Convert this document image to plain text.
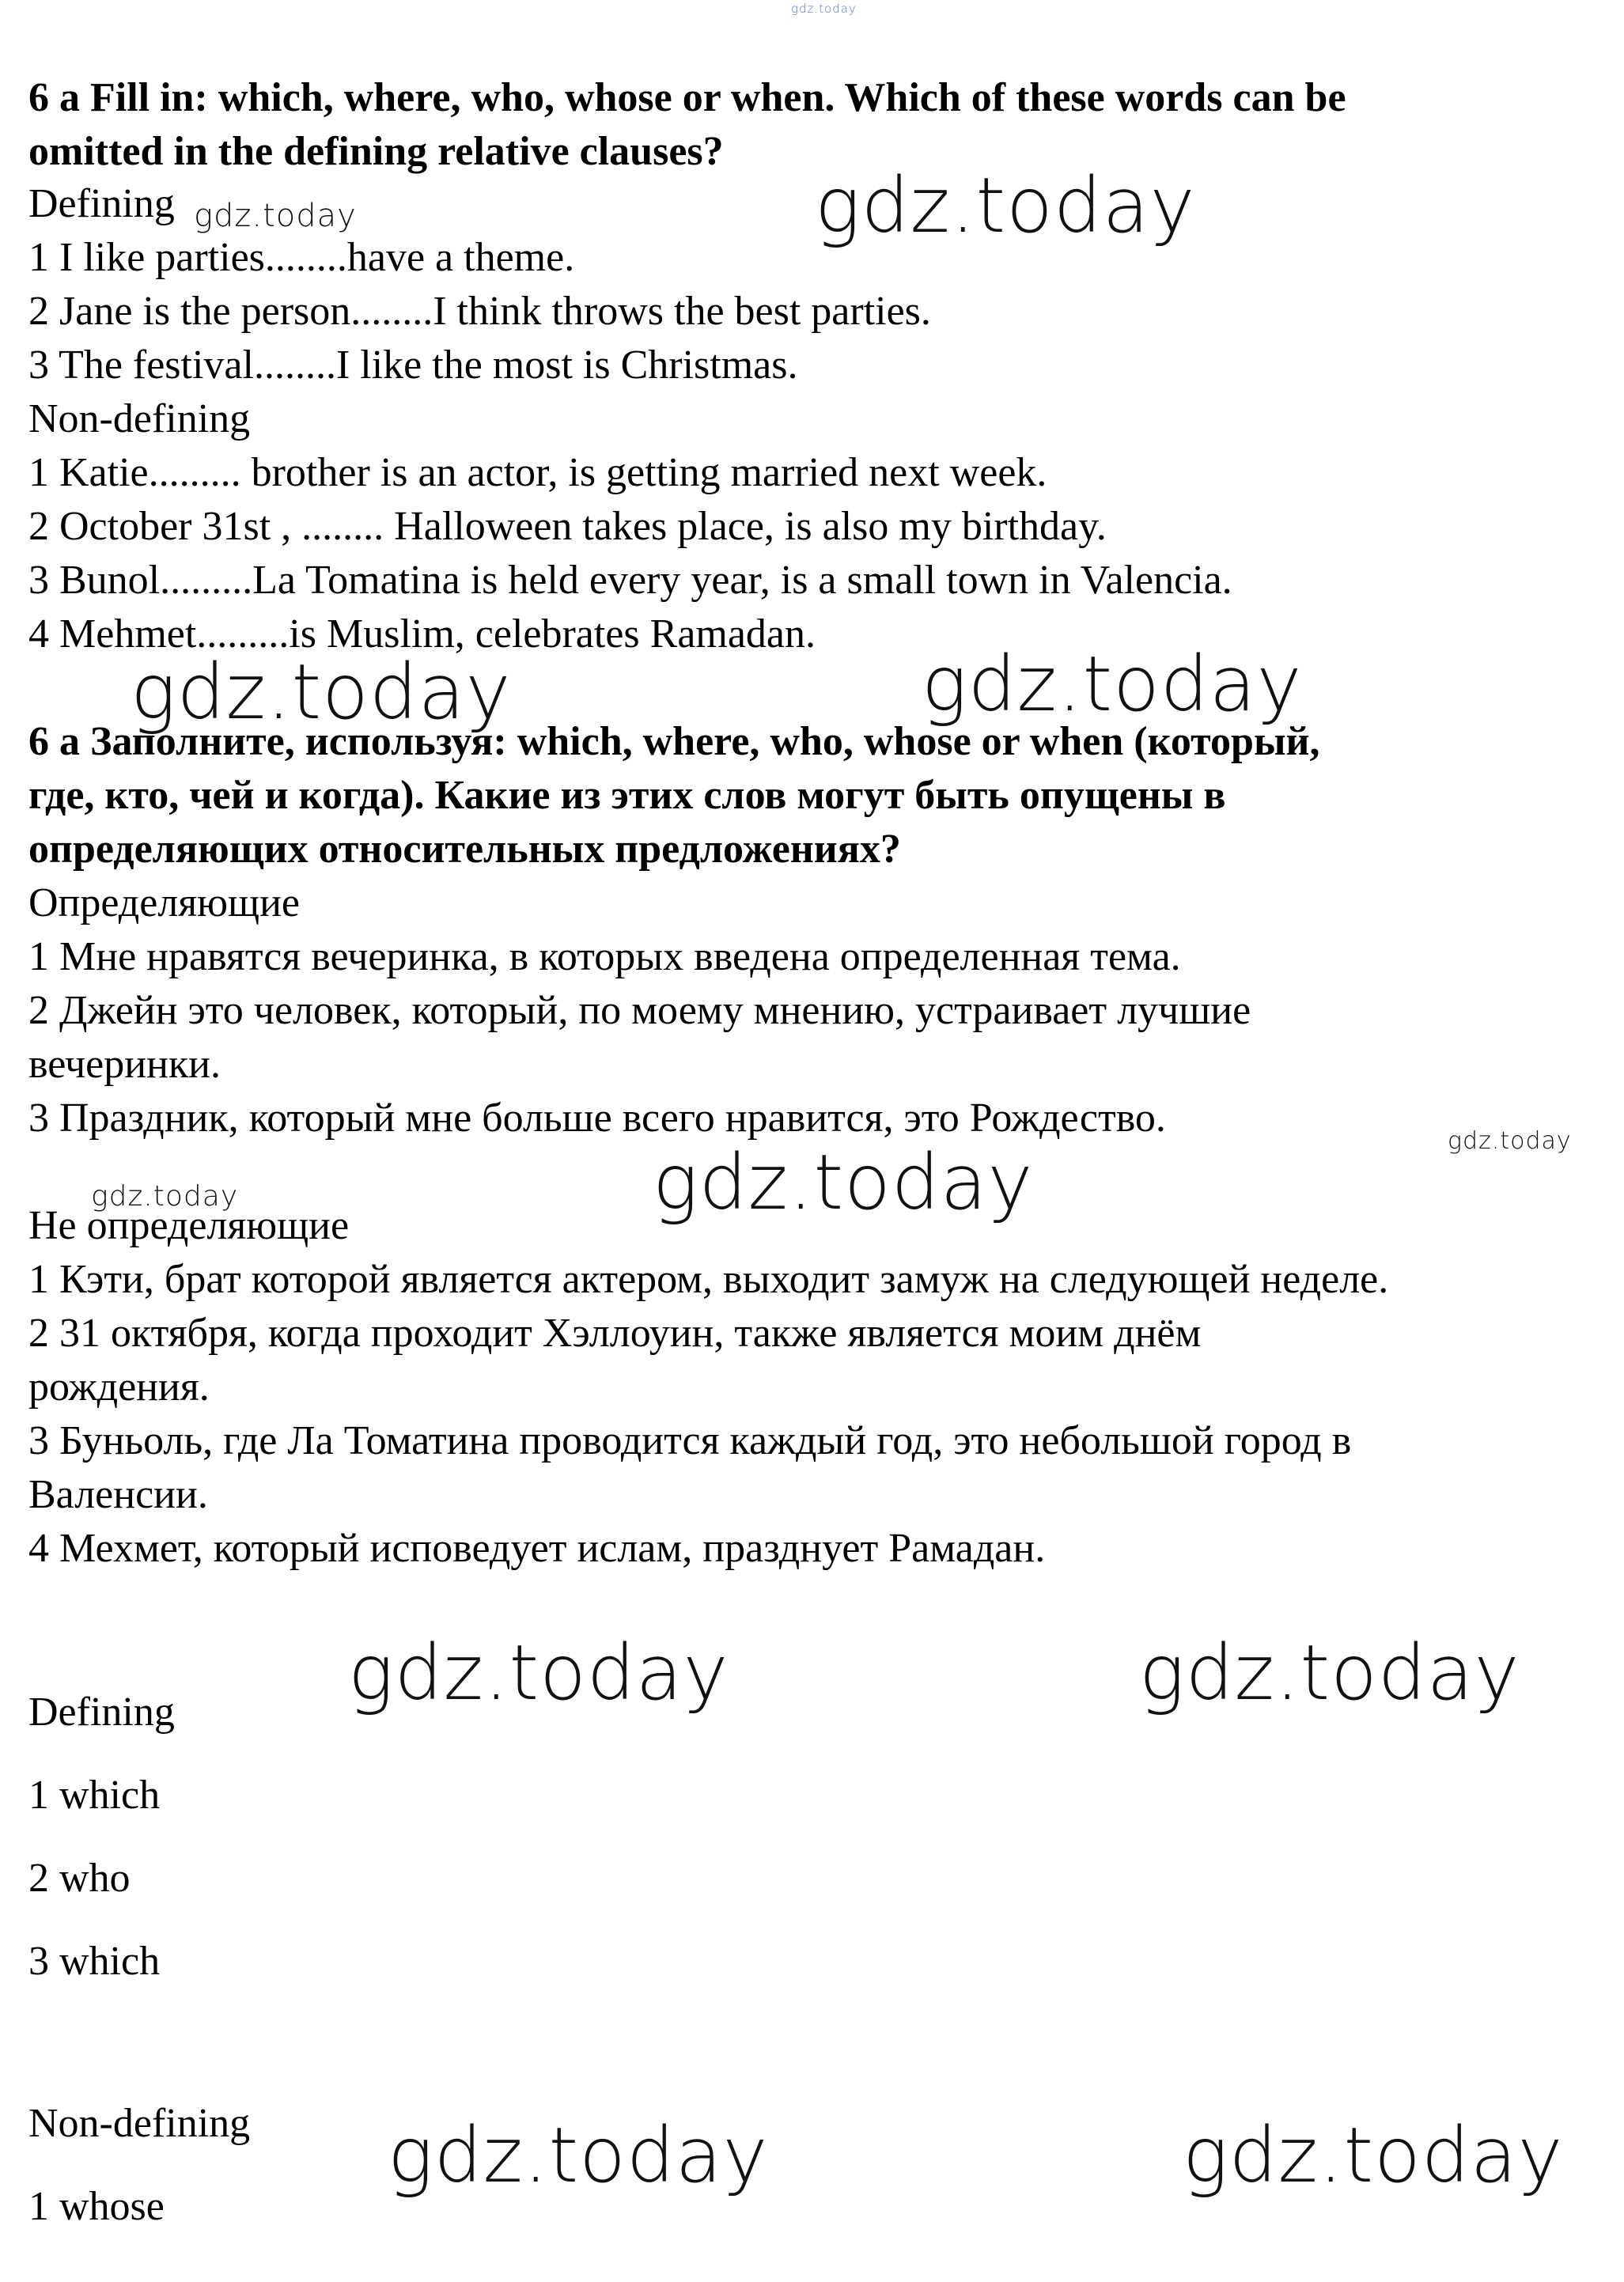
gdz.today
gdz.today
gdz.today
gdz.today	gdz.today
gdz.today
gdz.today
gdz.today
gdz.today	gdz.today
gdz.today	gdz.today
6 a Fill in: which, where, who, whose or when. Which of these words can be
omitted in the defining relative clauses?
Defining
1 I like parties........have a theme.
2 Jane is the person........I think throws the best parties.
3 The festival........I like the most is Christmas.
Non-defining
1 Katie......... brother is an actor, is getting married next week.
2 October 31st , ........ Halloween takes place, is also my birthday.
3 Bunol.........La Tomatina is held every year, is a small town in Valencia.
4 Mehmet.........is Muslim, celebrates Ramadan.
6 a Заполните, используя: which, where, who, whose or when (который,
где, кто, чей и когда). Какие из этих слов могут быть опущены в
определяющих относительных предложениях?
Определяющие
1 Мне нравятся вечеринка, в которых введена определенная тема.
2 Джейн это человек, который, по моему мнению, устраивает лучшие
вечеринки.
3 Праздник, который мне больше всего нравится, это Рождество.
Не определяющие
1 Кэти, брат которой является актером, выходит замуж на следующей неделе.
2 31 октября, когда проходит Хэллоуин, также является моим днём
рождения.
3 Буньоль, где Ла Томатина проводится каждый год, это небольшой город в
Валенсии.
4 Мехмет, который исповедует ислам, празднует Рамадан.
Defining
1 which
2 who
3 which
Non-defining
1 whose
